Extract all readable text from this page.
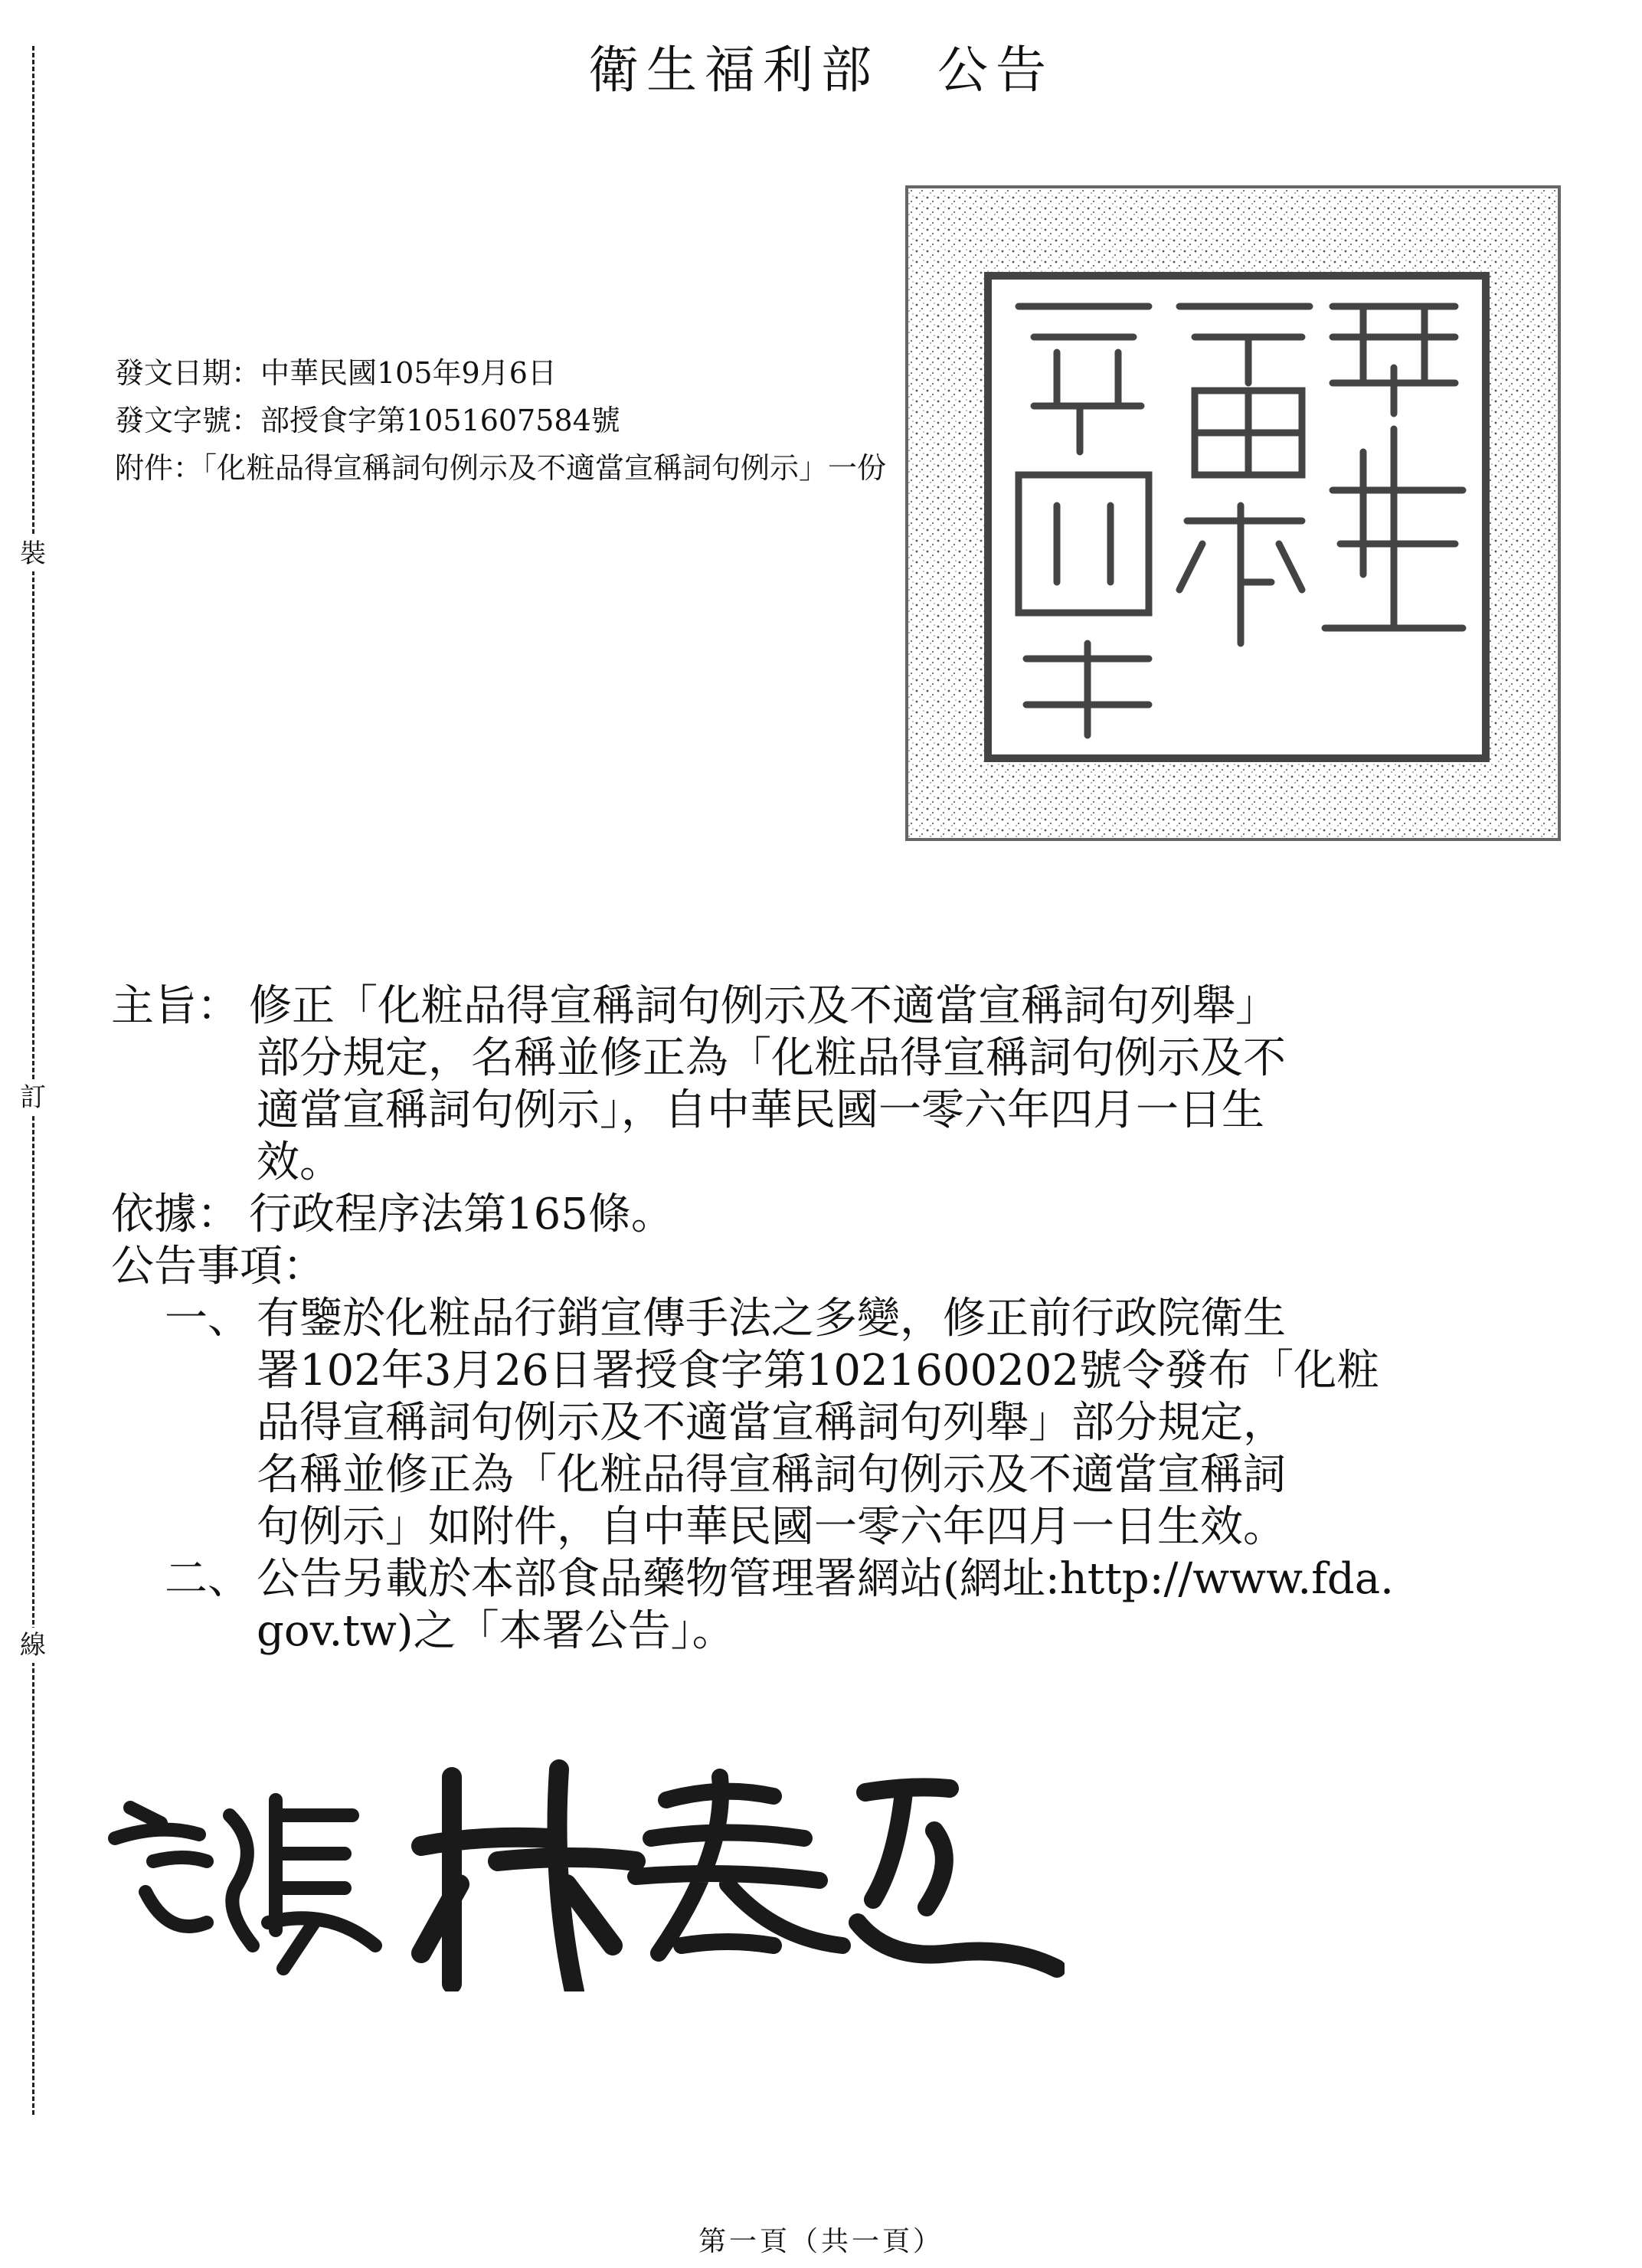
裝
訂
線
衛生福利部　公告
發文日期：中華民國105年9月6日
發文字號：部授食字第1051607584號
附件：「化粧品得宣稱詞句例示及不適當宣稱詞句例示」一份
主旨： 修正「化粧品得宣稱詞句例示及不適當宣稱詞句列舉」
部分規定，名稱並修正為「化粧品得宣稱詞句例示及不
適當宣稱詞句例示」，自中華民國一零六年四月一日生
效。
依據： 行政程序法第165條。
公告事項：
一、 有鑒於化粧品行銷宣傳手法之多變，修正前行政院衛生
署102年3月26日署授食字第1021600202號令發布「化粧
品得宣稱詞句例示及不適當宣稱詞句列舉」部分規定，
名稱並修正為「化粧品得宣稱詞句例示及不適當宣稱詞
句例示」如附件，自中華民國一零六年四月一日生效。
二、 公告另載於本部食品藥物管理署網站(網址:http://www.fda.
gov.tw)之「本署公告」。
第一頁（共一頁）
